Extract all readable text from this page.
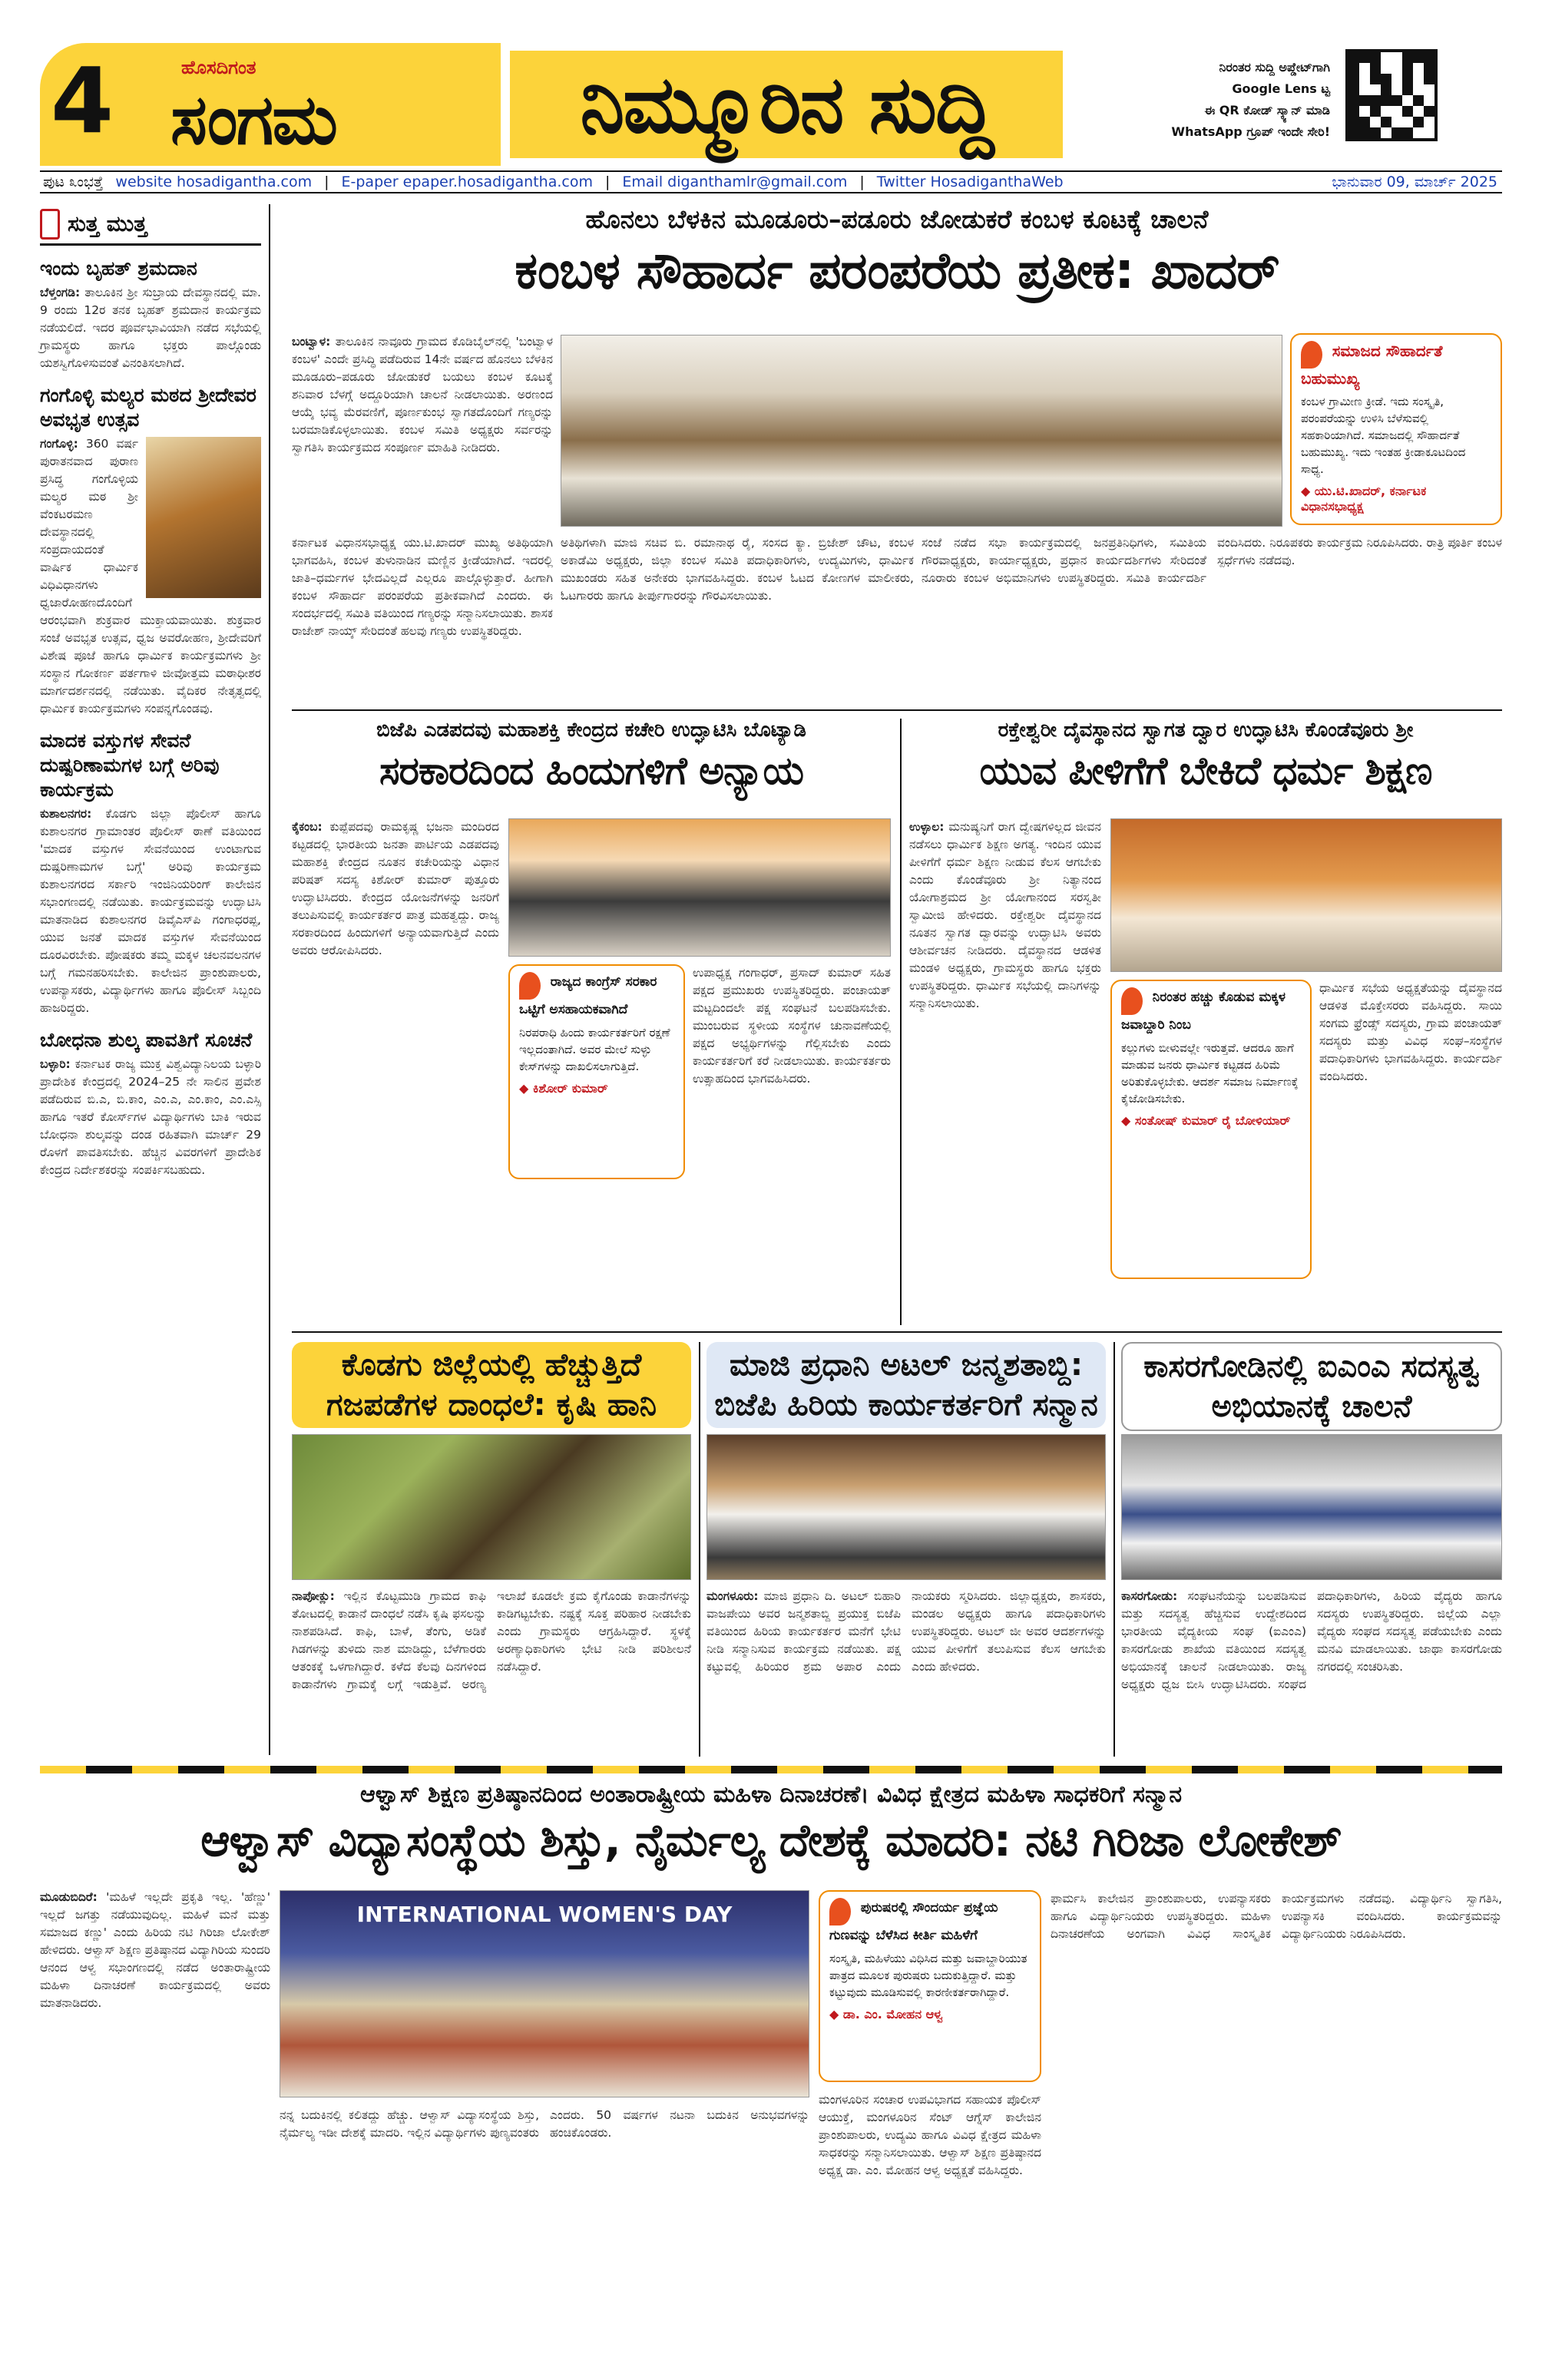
4	ಹೊಸದಿಗಂತ
ಸಂಗಮ	ನಿಮ್ಮೂರಿನ ಸುದ್ದಿ	ನಿರಂತರ ಸುದ್ದಿ ಅಪ್ಡೇಟ್‌ಗಾಗಿ
Google Lens ಟ್ಟ
ಈ QR ಕೋಡ್ ಸ್ಕ್ಯಾನ್ ಮಾಡಿ
WhatsApp ಗ್ರೂಪ್ ಇಂದೇ ಸೇರಿ!
ಪುಟ ೩ಂಭತ್ತೆ website hosadigantha.com | E-paper epaper.hosadigantha.com | Email diganthamlr@gmail.com | Twitter HosadiganthaWeb	ಭಾನುವಾರ 09, ಮಾರ್ಚ್ 2025
ಸುತ್ತ ಮುತ್ತ
ಇಂದು ಬೃಹತ್ ಶ್ರಮದಾನ

ಬೆಳ್ತಂಗಡಿ: ತಾಲೂಕಿನ ಶ್ರೀ ಸುಬ್ರಾಯ ದೇವಸ್ಥಾನದಲ್ಲಿ ಮಾ. 9 ರಂದು 12ರ ತನಕ ಬೃಹತ್ ಶ್ರಮದಾನ ಕಾರ್ಯಕ್ರಮ ನಡೆಯಲಿದೆ. ಇದರ ಪೂರ್ವಭಾವಿಯಾಗಿ ನಡೆದ ಸಭೆಯಲ್ಲಿ ಗ್ರಾಮಸ್ಥರು ಹಾಗೂ ಭಕ್ತರು ಪಾಲ್ಗೊಂಡು ಯಶಸ್ವಿಗೊಳಿಸುವಂತೆ ವಿನಂತಿಸಲಾಗಿದೆ.

ಗಂಗೊಳ್ಳಿ ಮಲ್ಯರ ಮಠದ ಶ್ರೀದೇವರ ಅವಭೃತ ಉತ್ಸವ

ಗಂಗೊಳ್ಳಿ: 360 ವರ್ಷ ಪುರಾತನವಾದ ಪುರಾಣ ಪ್ರಸಿದ್ಧ ಗಂಗೊಳ್ಳಿಯ ಮಲ್ಯರ ಮಠ ಶ್ರೀ ವೆಂಕಟರಮಣ ದೇವಸ್ಥಾನದಲ್ಲಿ ಸಂಪ್ರದಾಯದಂತೆ ವಾರ್ಷಿಕ ಧಾರ್ಮಿಕ ವಿಧಿವಿಧಾನಗಳು ಧ್ವಜಾರೋಹಣದೊಂದಿಗೆ ಆರಂಭವಾಗಿ ಶುಕ್ರವಾರ ಮುಕ್ತಾಯವಾಯಿತು. ಶುಕ್ರವಾರ ಸಂಜೆ ಅವಭೃತ ಉತ್ಸವ, ಧ್ವಜ ಅವರೋಹಣ, ಶ್ರೀದೇವರಿಗೆ ವಿಶೇಷ ಪೂಜೆ ಹಾಗೂ ಧಾರ್ಮಿಕ ಕಾರ್ಯಕ್ರಮಗಳು ಶ್ರೀ ಸಂಸ್ಥಾನ ಗೋಕರ್ಣ ಪರ್ತಗಾಳಿ ಜೀವೋತ್ತಮ ಮಠಾಧೀಶರ ಮಾರ್ಗದರ್ಶನದಲ್ಲಿ ನಡೆಯಿತು. ವೈದಿಕರ ನೇತೃತ್ವದಲ್ಲಿ ಧಾರ್ಮಿಕ ಕಾರ್ಯಕ್ರಮಗಳು ಸಂಪನ್ನಗೊಂಡವು.

ಮಾದಕ ವಸ್ತುಗಳ ಸೇವನೆ ದುಷ್ಪರಿಣಾಮಗಳ ಬಗ್ಗೆ ಅರಿವು ಕಾರ್ಯಕ್ರಮ

ಕುಶಾಲನಗರ: ಕೊಡಗು ಜಿಲ್ಲಾ ಪೊಲೀಸ್ ಹಾಗೂ ಕುಶಾಲನಗರ ಗ್ರಾಮಾಂತರ ಪೊಲೀಸ್ ಠಾಣೆ ವತಿಯಿಂದ 'ಮಾದಕ ವಸ್ತುಗಳ ಸೇವನೆಯಿಂದ ಉಂಟಾಗುವ ದುಷ್ಪರಿಣಾಮಗಳ ಬಗ್ಗೆ' ಅರಿವು ಕಾರ್ಯಕ್ರಮ ಕುಶಾಲನಗರದ ಸರ್ಕಾರಿ ಇಂಜಿನಿಯರಿಂಗ್ ಕಾಲೇಜಿನ ಸಭಾಂಗಣದಲ್ಲಿ ನಡೆಯಿತು. ಕಾರ್ಯಕ್ರಮವನ್ನು ಉದ್ಘಾಟಿಸಿ ಮಾತನಾಡಿದ ಕುಶಾಲನಗರ ಡಿವೈಎಸ್‌ಪಿ ಗಂಗಾಧರಪ್ಪ, ಯುವ ಜನತೆ ಮಾದಕ ವಸ್ತುಗಳ ಸೇವನೆಯಿಂದ ದೂರವಿರಬೇಕು. ಪೋಷಕರು ತಮ್ಮ ಮಕ್ಕಳ ಚಲನವಲನಗಳ ಬಗ್ಗೆ ಗಮನಹರಿಸಬೇಕು. ಕಾಲೇಜಿನ ಪ್ರಾಂಶುಪಾಲರು, ಉಪನ್ಯಾಸಕರು, ವಿದ್ಯಾರ್ಥಿಗಳು ಹಾಗೂ ಪೊಲೀಸ್ ಸಿಬ್ಬಂದಿ ಹಾಜರಿದ್ದರು.

ಬೋಧನಾ ಶುಲ್ಕ ಪಾವತಿಗೆ ಸೂಚನೆ

ಬಳ್ಳಾರಿ: ಕರ್ನಾಟಕ ರಾಜ್ಯ ಮುಕ್ತ ವಿಶ್ವವಿದ್ಯಾನಿಲಯ ಬಳ್ಳಾರಿ ಪ್ರಾದೇಶಿಕ ಕೇಂದ್ರದಲ್ಲಿ 2024–25 ನೇ ಸಾಲಿನ ಪ್ರವೇಶ ಪಡೆದಿರುವ ಬಿ.ಎ, ಬಿ.ಕಾಂ, ಎಂ.ಎ, ಎಂ.ಕಾಂ, ಎಂ.ಎಸ್ಸಿ ಹಾಗೂ ಇತರೆ ಕೋರ್ಸ್‌ಗಳ ವಿದ್ಯಾರ್ಥಿಗಳು ಬಾಕಿ ಇರುವ ಬೋಧನಾ ಶುಲ್ಕವನ್ನು ದಂಡ ರಹಿತವಾಗಿ ಮಾರ್ಚ್ 29 ರೊಳಗೆ ಪಾವತಿಸಬೇಕು. ಹೆಚ್ಚಿನ ವಿವರಗಳಿಗೆ ಪ್ರಾದೇಶಿಕ ಕೇಂದ್ರದ ನಿರ್ದೇಶಕರನ್ನು ಸಂಪರ್ಕಿಸಬಹುದು.

ಹೊನಲು ಬೆಳಕಿನ ಮೂಡೂರು–ಪಡೂರು ಜೋಡುಕರೆ ಕಂಬಳ ಕೂಟಕ್ಕೆ ಚಾಲನೆ
ಕಂಬಳ ಸೌಹಾರ್ದ ಪರಂಪರೆಯ ಪ್ರತೀಕ: ಖಾದರ್
ಬಂಟ್ವಾಳ: ತಾಲೂಕಿನ ನಾವೂರು ಗ್ರಾಮದ ಕೊಡಿಬೈಲ್‌ನಲ್ಲಿ 'ಬಂಟ್ವಾಳ ಕಂಬಳ' ಎಂದೇ ಪ್ರಸಿದ್ಧಿ ಪಡೆದಿರುವ 14ನೇ ವರ್ಷದ ಹೊನಲು ಬೆಳಕಿನ ಮೂಡೂರು–ಪಡೂರು ಜೋಡುಕರೆ ಬಯಲು ಕಂಬಳ ಕೂಟಕ್ಕೆ ಶನಿವಾರ ಬೆಳಗ್ಗೆ ಅದ್ದೂರಿಯಾಗಿ ಚಾಲನೆ ನೀಡಲಾಯಿತು. ಅರಣಂದ ಆಯ್ಕೆ ಭವ್ಯ ಮೆರವಣಿಗೆ, ಪೂರ್ಣಕುಂಭ ಸ್ವಾಗತದೊಂದಿಗೆ ಗಣ್ಯರನ್ನು ಬರಮಾಡಿಕೊಳ್ಳಲಾಯಿತು. ಕಂಬಳ ಸಮಿತಿ ಅಧ್ಯಕ್ಷರು ಸರ್ವರನ್ನು ಸ್ವಾಗತಿಸಿ ಕಾರ್ಯಕ್ರಮದ ಸಂಪೂರ್ಣ ಮಾಹಿತಿ ನೀಡಿದರು.
ಸಮಾಜದ ಸೌಹಾರ್ದತೆ ಬಹುಮುಖ್ಯ
ಕಂಬಳ ಗ್ರಾಮೀಣ ಕ್ರೀಡೆ. ಇದು ಸಂಸ್ಕೃತಿ, ಪರಂಪರೆಯನ್ನು ಉಳಿಸಿ ಬೆಳೆಸುವಲ್ಲಿ ಸಹಕಾರಿಯಾಗಿದೆ. ಸಮಾಜದಲ್ಲಿ ಸೌಹಾರ್ದತೆ ಬಹುಮುಖ್ಯ. ಇದು ಇಂತಹ ಕ್ರೀಡಾಕೂಟದಿಂದ ಸಾಧ್ಯ.
◆ ಯು.ಟಿ.ಖಾದರ್, ಕರ್ನಾಟಕ ವಿಧಾನಸಭಾಧ್ಯಕ್ಷ
ಕರ್ನಾಟಕ ವಿಧಾನಸಭಾಧ್ಯಕ್ಷ ಯು.ಟಿ.ಖಾದರ್ ಮುಖ್ಯ ಅತಿಥಿಯಾಗಿ ಭಾಗವಹಿಸಿ, ಕಂಬಳ ತುಳುನಾಡಿನ ಮಣ್ಣಿನ ಕ್ರೀಡೆಯಾಗಿದೆ. ಇದರಲ್ಲಿ ಜಾತಿ–ಧರ್ಮಗಳ ಭೇದವಿಲ್ಲದೆ ಎಲ್ಲರೂ ಪಾಲ್ಗೊಳ್ಳುತ್ತಾರೆ. ಹೀಗಾಗಿ ಕಂಬಳ ಸೌಹಾರ್ದ ಪರಂಪರೆಯ ಪ್ರತೀಕವಾಗಿದೆ ಎಂದರು. ಈ ಸಂದರ್ಭದಲ್ಲಿ ಸಮಿತಿ ವತಿಯಿಂದ ಗಣ್ಯರನ್ನು ಸನ್ಮಾನಿಸಲಾಯಿತು. ಶಾಸಕ ರಾಜೇಶ್ ನಾಯ್ಕ್ ಸೇರಿದಂತೆ ಹಲವು ಗಣ್ಯರು ಉಪಸ್ಥಿತರಿದ್ದರು.
ಅತಿಥಿಗಳಾಗಿ ಮಾಜಿ ಸಚಿವ ಬಿ. ರಮಾನಾಥ ರೈ, ಸಂಸದ ಕ್ಯಾ. ಬ್ರಿಜೇಶ್ ಚೌಟ, ಕಂಬಳ ಅಕಾಡೆಮಿ ಅಧ್ಯಕ್ಷರು, ಜಿಲ್ಲಾ ಕಂಬಳ ಸಮಿತಿ ಪದಾಧಿಕಾರಿಗಳು, ಉದ್ಯಮಿಗಳು, ಧಾರ್ಮಿಕ ಮುಖಂಡರು ಸಹಿತ ಅನೇಕರು ಭಾಗವಹಿಸಿದ್ದರು. ಕಂಬಳ ಓಟದ ಕೋಣಗಳ ಮಾಲೀಕರು, ಓಟಗಾರರು ಹಾಗೂ ತೀರ್ಪುಗಾರರನ್ನು ಗೌರವಿಸಲಾಯಿತು.
ಸಂಜೆ ನಡೆದ ಸಭಾ ಕಾರ್ಯಕ್ರಮದಲ್ಲಿ ಜನಪ್ರತಿನಿಧಿಗಳು, ಸಮಿತಿಯ ಗೌರವಾಧ್ಯಕ್ಷರು, ಕಾರ್ಯಾಧ್ಯಕ್ಷರು, ಪ್ರಧಾನ ಕಾರ್ಯದರ್ಶಿಗಳು ಸೇರಿದಂತೆ ನೂರಾರು ಕಂಬಳ ಅಭಿಮಾನಿಗಳು ಉಪಸ್ಥಿತರಿದ್ದರು. ಸಮಿತಿ ಕಾರ್ಯದರ್ಶಿ ವಂದಿಸಿದರು. ನಿರೂಪಕರು ಕಾರ್ಯಕ್ರಮ ನಿರೂಪಿಸಿದರು. ರಾತ್ರಿ ಪೂರ್ತಿ ಕಂಬಳ ಸ್ಪರ್ಧೆಗಳು ನಡೆದವು.
ಬಿಜೆಪಿ ಎಡಪದವು ಮಹಾಶಕ್ತಿ ಕೇಂದ್ರದ ಕಚೇರಿ ಉದ್ಘಾಟಿಸಿ ಬೊಟ್ಯಾಡಿ
ಸರಕಾರದಿಂದ ಹಿಂದುಗಳಿಗೆ ಅನ್ಯಾಯ
ಕೈಕಂಬ: ಕುಪ್ಪೆಪದವು ರಾಮಕೃಷ್ಣ ಭಜನಾ ಮಂದಿರದ ಕಟ್ಟಡದಲ್ಲಿ ಭಾರತೀಯ ಜನತಾ ಪಾರ್ಟಿಯ ಎಡಪದವು ಮಹಾಶಕ್ತಿ ಕೇಂದ್ರದ ನೂತನ ಕಚೇರಿಯನ್ನು ವಿಧಾನ ಪರಿಷತ್ ಸದಸ್ಯ ಕಿಶೋರ್ ಕುಮಾರ್ ಪುತ್ತೂರು ಉದ್ಘಾಟಿಸಿದರು. ಕೇಂದ್ರದ ಯೋಜನೆಗಳನ್ನು ಜನರಿಗೆ ತಲುಪಿಸುವಲ್ಲಿ ಕಾರ್ಯಕರ್ತರ ಪಾತ್ರ ಮಹತ್ವದ್ದು. ರಾಜ್ಯ ಸರಕಾರದಿಂದ ಹಿಂದುಗಳಿಗೆ ಅನ್ಯಾಯವಾಗುತ್ತಿದೆ ಎಂದು ಅವರು ಆರೋಪಿಸಿದರು.
ರಾಜ್ಯದ ಕಾಂಗ್ರೆಸ್ ಸರಕಾರ ಒಟ್ಟಿಗೆ ಅಸಹಾಯಕವಾಗಿದೆ
ನಿರಪರಾಧಿ ಹಿಂದು ಕಾರ್ಯಕರ್ತರಿಗೆ ರಕ್ಷಣೆ ಇಲ್ಲದಂತಾಗಿದೆ. ಅವರ ಮೇಲೆ ಸುಳ್ಳು ಕೇಸ್‌ಗಳನ್ನು ದಾಖಲಿಸಲಾಗುತ್ತಿದೆ.
◆ ಕಿಶೋರ್ ಕುಮಾರ್
ಉಪಾಧ್ಯಕ್ಷ ಗಂಗಾಧರ್, ಪ್ರಸಾದ್ ಕುಮಾರ್ ಸಹಿತ ಪಕ್ಷದ ಪ್ರಮುಖರು ಉಪಸ್ಥಿತರಿದ್ದರು. ಪಂಚಾಯತ್ ಮಟ್ಟದಿಂದಲೇ ಪಕ್ಷ ಸಂಘಟನೆ ಬಲಪಡಿಸಬೇಕು. ಮುಂಬರುವ ಸ್ಥಳೀಯ ಸಂಸ್ಥೆಗಳ ಚುನಾವಣೆಯಲ್ಲಿ ಪಕ್ಷದ ಅಭ್ಯರ್ಥಿಗಳನ್ನು ಗೆಲ್ಲಿಸಬೇಕು ಎಂದು ಕಾರ್ಯಕರ್ತರಿಗೆ ಕರೆ ನೀಡಲಾಯಿತು. ಕಾರ್ಯಕರ್ತರು ಉತ್ಸಾಹದಿಂದ ಭಾಗವಹಿಸಿದರು.
ರಕ್ತೇಶ್ವರೀ ದೈವಸ್ಥಾನದ ಸ್ವಾಗತ ದ್ವಾರ ಉದ್ಘಾಟಿಸಿ ಕೊಂಡೆವೂರು ಶ್ರೀ
ಯುವ ಪೀಳಿಗೆಗೆ ಬೇಕಿದೆ ಧರ್ಮ ಶಿಕ್ಷಣ
ಉಳ್ಳಾಲ: ಮನುಷ್ಯನಿಗೆ ರಾಗ ದ್ವೇಷಗಳಿಲ್ಲದ ಜೀವನ ನಡೆಸಲು ಧಾರ್ಮಿಕ ಶಿಕ್ಷಣ ಅಗತ್ಯ. ಇಂದಿನ ಯುವ ಪೀಳಿಗೆಗೆ ಧರ್ಮ ಶಿಕ್ಷಣ ನೀಡುವ ಕೆಲಸ ಆಗಬೇಕು ಎಂದು ಕೊಂಡೆವೂರು ಶ್ರೀ ನಿತ್ಯಾನಂದ ಯೋಗಾಶ್ರಮದ ಶ್ರೀ ಯೋಗಾನಂದ ಸರಸ್ವತೀ ಸ್ವಾಮೀಜಿ ಹೇಳಿದರು. ರಕ್ತೇಶ್ವರೀ ದೈವಸ್ಥಾನದ ನೂತನ ಸ್ವಾಗತ ದ್ವಾರವನ್ನು ಉದ್ಘಾಟಿಸಿ ಅವರು ಆಶೀರ್ವಚನ ನೀಡಿದರು. ದೈವಸ್ಥಾನದ ಆಡಳಿತ ಮಂಡಳಿ ಅಧ್ಯಕ್ಷರು, ಗ್ರಾಮಸ್ಥರು ಹಾಗೂ ಭಕ್ತರು ಉಪಸ್ಥಿತರಿದ್ದರು. ಧಾರ್ಮಿಕ ಸಭೆಯಲ್ಲಿ ದಾನಿಗಳನ್ನು ಸನ್ಮಾನಿಸಲಾಯಿತು.	ನಿರಂತರ ಹಚ್ಚು ಕೊಡುವ ಮಕ್ಕಳ ಜವಾಬ್ದಾರಿ ನಿಂಬ
ಕಲ್ಲುಗಳು ಬೀಳುವಲ್ಲೇ ಇರುತ್ತವೆ. ಆದರೂ ಹಾಗೆ ಮಾಡುವ ಜನರು ಧಾರ್ಮಿಕ ಕಟ್ಟಡದ ಹಿರಿಮೆ ಅರಿತುಕೊಳ್ಳಬೇಕು. ಆದರ್ಶ ಸಮಾಜ ನಿರ್ಮಾಣಕ್ಕೆ ಕೈಜೋಡಿಸಬೇಕು.
◆ ಸಂತೋಷ್ ಕುಮಾರ್ ರೈ ಬೋಳಿಯಾರ್
ಧಾರ್ಮಿಕ ಸಭೆಯ ಅಧ್ಯಕ್ಷತೆಯನ್ನು ದೈವಸ್ಥಾನದ ಆಡಳಿತ ಮೊಕ್ತೇಸರರು ವಹಿಸಿದ್ದರು. ಸಾಯಿ ಸಂಗಮ ಫ್ರೆಂಡ್ಸ್ ಸದಸ್ಯರು, ಗ್ರಾಮ ಪಂಚಾಯತ್ ಸದಸ್ಯರು ಮತ್ತು ವಿವಿಧ ಸಂಘ–ಸಂಸ್ಥೆಗಳ ಪದಾಧಿಕಾರಿಗಳು ಭಾಗವಹಿಸಿದ್ದರು. ಕಾರ್ಯದರ್ಶಿ ವಂದಿಸಿದರು.
ಕೊಡಗು ಜಿಲ್ಲೆಯಲ್ಲಿ ಹೆಚ್ಚುತ್ತಿದೆ ಗಜಪಡೆಗಳ ದಾಂಧಲೆ: ಕೃಷಿ ಹಾನಿ
ನಾಪೋಕ್ಲು: ಇಲ್ಲಿನ ಕೊಟ್ಟಮುಡಿ ಗ್ರಾಮದ ಕಾಫಿ ತೋಟದಲ್ಲಿ ಕಾಡಾನೆ ದಾಂಧಲೆ ನಡೆಸಿ ಕೃಷಿ ಫಸಲನ್ನು ನಾಶಪಡಿಸಿದೆ. ಕಾಫಿ, ಬಾಳೆ, ತೆಂಗು, ಅಡಿಕೆ ಗಿಡಗಳನ್ನು ತುಳಿದು ನಾಶ ಮಾಡಿದ್ದು, ಬೆಳೆಗಾರರು ಆತಂಕಕ್ಕೆ ಒಳಗಾಗಿದ್ದಾರೆ. ಕಳೆದ ಕೆಲವು ದಿನಗಳಿಂದ ಕಾಡಾನೆಗಳು ಗ್ರಾಮಕ್ಕೆ ಲಗ್ಗೆ ಇಡುತ್ತಿವೆ. ಅರಣ್ಯ ಇಲಾಖೆ ಕೂಡಲೇ ಕ್ರಮ ಕೈಗೊಂಡು ಕಾಡಾನೆಗಳನ್ನು ಕಾಡಿಗಟ್ಟಬೇಕು. ನಷ್ಟಕ್ಕೆ ಸೂಕ್ತ ಪರಿಹಾರ ನೀಡಬೇಕು ಎಂದು ಗ್ರಾಮಸ್ಥರು ಆಗ್ರಹಿಸಿದ್ದಾರೆ. ಸ್ಥಳಕ್ಕೆ ಅರಣ್ಯಾಧಿಕಾರಿಗಳು ಭೇಟಿ ನೀಡಿ ಪರಿಶೀಲನೆ ನಡೆಸಿದ್ದಾರೆ.
ಮಾಜಿ ಪ್ರಧಾನಿ ಅಟಲ್ ಜನ್ಮಶತಾಬ್ದಿ: ಬಿಜೆಪಿ ಹಿರಿಯ ಕಾರ್ಯಕರ್ತರಿಗೆ ಸನ್ಮಾನ
ಮಂಗಳೂರು: ಮಾಜಿ ಪ್ರಧಾನಿ ದಿ. ಅಟಲ್ ಬಿಹಾರಿ ವಾಜಪೇಯಿ ಅವರ ಜನ್ಮಶತಾಬ್ದಿ ಪ್ರಯುಕ್ತ ಬಿಜೆಪಿ ವತಿಯಿಂದ ಹಿರಿಯ ಕಾರ್ಯಕರ್ತರ ಮನೆಗೆ ಭೇಟಿ ನೀಡಿ ಸನ್ಮಾನಿಸುವ ಕಾರ್ಯಕ್ರಮ ನಡೆಯಿತು. ಪಕ್ಷ ಕಟ್ಟುವಲ್ಲಿ ಹಿರಿಯರ ಶ್ರಮ ಅಪಾರ ಎಂದು ನಾಯಕರು ಸ್ಮರಿಸಿದರು. ಜಿಲ್ಲಾಧ್ಯಕ್ಷರು, ಶಾಸಕರು, ಮಂಡಲ ಅಧ್ಯಕ್ಷರು ಹಾಗೂ ಪದಾಧಿಕಾರಿಗಳು ಉಪಸ್ಥಿತರಿದ್ದರು. ಅಟಲ್ ಜೀ ಅವರ ಆದರ್ಶಗಳನ್ನು ಯುವ ಪೀಳಿಗೆಗೆ ತಲುಪಿಸುವ ಕೆಲಸ ಆಗಬೇಕು ಎಂದು ಹೇಳಿದರು.
ಕಾಸರಗೋಡಿನಲ್ಲಿ ಐಎಂಎ ಸದಸ್ಯತ್ವ ಅಭಿಯಾನಕ್ಕೆ ಚಾಲನೆ
ಕಾಸರಗೋಡು: ಸಂಘಟನೆಯನ್ನು ಬಲಪಡಿಸುವ ಮತ್ತು ಸದಸ್ಯತ್ವ ಹೆಚ್ಚಿಸುವ ಉದ್ದೇಶದಿಂದ ಭಾರತೀಯ ವೈದ್ಯಕೀಯ ಸಂಘ (ಐಎಂಎ) ಕಾಸರಗೋಡು ಶಾಖೆಯ ವತಿಯಿಂದ ಸದಸ್ಯತ್ವ ಅಭಿಯಾನಕ್ಕೆ ಚಾಲನೆ ನೀಡಲಾಯಿತು. ರಾಜ್ಯ ಅಧ್ಯಕ್ಷರು ಧ್ವಜ ಬೀಸಿ ಉದ್ಘಾಟಿಸಿದರು. ಸಂಘದ ಪದಾಧಿಕಾರಿಗಳು, ಹಿರಿಯ ವೈದ್ಯರು ಹಾಗೂ ಸದಸ್ಯರು ಉಪಸ್ಥಿತರಿದ್ದರು. ಜಿಲ್ಲೆಯ ಎಲ್ಲಾ ವೈದ್ಯರು ಸಂಘದ ಸದಸ್ಯತ್ವ ಪಡೆಯಬೇಕು ಎಂದು ಮನವಿ ಮಾಡಲಾಯಿತು. ಜಾಥಾ ಕಾಸರಗೋಡು ನಗರದಲ್ಲಿ ಸಂಚರಿಸಿತು.
ಆಳ್ವಾಸ್ ಶಿಕ್ಷಣ ಪ್ರತಿಷ್ಠಾನದಿಂದ ಅಂತಾರಾಷ್ಟ್ರೀಯ ಮಹಿಳಾ ದಿನಾಚರಣೆ। ವಿವಿಧ ಕ್ಷೇತ್ರದ ಮಹಿಳಾ ಸಾಧಕರಿಗೆ ಸನ್ಮಾನ
ಆಳ್ವಾಸ್ ವಿದ್ಯಾಸಂಸ್ಥೆಯ ಶಿಸ್ತು, ನೈರ್ಮಲ್ಯ ದೇಶಕ್ಕೆ ಮಾದರಿ: ನಟಿ ಗಿರಿಜಾ ಲೋಕೇಶ್
ಮೂಡುಬಿದಿರೆ: 'ಮಹಿಳೆ ಇಲ್ಲದೇ ಪ್ರಕೃತಿ ಇಲ್ಲ. 'ಹೆಣ್ಣು' ಇಲ್ಲದೆ ಜಗತ್ತು ನಡೆಯುವುದಿಲ್ಲ. ಮಹಿಳೆ ಮನೆ ಮತ್ತು ಸಮಾಜದ ಕಣ್ಣು' ಎಂದು ಹಿರಿಯ ನಟಿ ಗಿರಿಜಾ ಲೋಕೇಶ್ ಹೇಳಿದರು. ಆಳ್ವಾಸ್ ಶಿಕ್ಷಣ ಪ್ರತಿಷ್ಠಾನದ ವಿದ್ಯಾಗಿರಿಯ ಸುಂದರಿ ಆನಂದ ಆಳ್ವ ಸಭಾಂಗಣದಲ್ಲಿ ನಡೆದ ಅಂತಾರಾಷ್ಟ್ರೀಯ ಮಹಿಳಾ ದಿನಾಚರಣೆ ಕಾರ್ಯಕ್ರಮದಲ್ಲಿ ಅವರು ಮಾತನಾಡಿದರು.
INTERNATIONAL WOMEN'S DAY
ನನ್ನ ಬದುಕಿನಲ್ಲಿ ಕಲಿತದ್ದು ಹೆಚ್ಚು. ಆಳ್ವಾಸ್ ವಿದ್ಯಾಸಂಸ್ಥೆಯ ಶಿಸ್ತು, ನೈರ್ಮಲ್ಯ ಇಡೀ ದೇಶಕ್ಕೆ ಮಾದರಿ. ಇಲ್ಲಿನ ವಿದ್ಯಾರ್ಥಿಗಳು ಪುಣ್ಯವಂತರು ಎಂದರು. 50 ವರ್ಷಗಳ ನಟನಾ ಬದುಕಿನ ಅನುಭವಗಳನ್ನು ಹಂಚಿಕೊಂಡರು.
ಪುರುಷರಲ್ಲಿ ಸೌಂದರ್ಯ ಪ್ರಜ್ಞೆಯ ಗುಣವನ್ನು ಬೆಳೆಸಿದ ಕೀರ್ತಿ ಮಹಿಳೆಗೆ
ಸಂಸ್ಕೃತಿ, ಮಹಿಳೆಯು ವಿಧಿಸಿದ ಮತ್ತು ಜವಾಬ್ದಾರಿಯುತ ಪಾತ್ರದ ಮೂಲಕ ಪುರುಷರು ಬದುಕುತ್ತಿದ್ದಾರೆ. ಮತ್ತು ಕಟ್ಟುವುದು ಮೂಡಿಸುವಲ್ಲಿ ಕಾರಣೀಕರ್ತರಾಗಿದ್ದಾರೆ.
◆ ಡಾ. ಎಂ. ಮೋಹನ ಆಳ್ವ
ಮಂಗಳೂರಿನ ಸಂಚಾರ ಉಪವಿಭಾಗದ ಸಹಾಯಕ ಪೊಲೀಸ್ ಆಯುಕ್ತೆ, ಮಂಗಳೂರಿನ ಸೆಂಟ್ ಆಗ್ನೆಸ್ ಕಾಲೇಜಿನ ಪ್ರಾಂಶುಪಾಲರು, ಉದ್ಯಮಿ ಹಾಗೂ ವಿವಿಧ ಕ್ಷೇತ್ರದ ಮಹಿಳಾ ಸಾಧಕರನ್ನು ಸನ್ಮಾನಿಸಲಾಯಿತು. ಆಳ್ವಾಸ್ ಶಿಕ್ಷಣ ಪ್ರತಿಷ್ಠಾನದ ಅಧ್ಯಕ್ಷ ಡಾ. ಎಂ. ಮೋಹನ ಆಳ್ವ ಅಧ್ಯಕ್ಷತೆ ವಹಿಸಿದ್ದರು.
ಫಾರ್ಮಸಿ ಕಾಲೇಜಿನ ಪ್ರಾಂಶುಪಾಲರು, ಉಪನ್ಯಾಸಕರು ಹಾಗೂ ವಿದ್ಯಾರ್ಥಿನಿಯರು ಉಪಸ್ಥಿತರಿದ್ದರು. ಮಹಿಳಾ ದಿನಾಚರಣೆಯ ಅಂಗವಾಗಿ ವಿವಿಧ ಸಾಂಸ್ಕೃತಿಕ ಕಾರ್ಯಕ್ರಮಗಳು ನಡೆದವು. ವಿದ್ಯಾರ್ಥಿನಿ ಸ್ವಾಗತಿಸಿ, ಉಪನ್ಯಾಸಕಿ ವಂದಿಸಿದರು. ಕಾರ್ಯಕ್ರಮವನ್ನು ವಿದ್ಯಾರ್ಥಿನಿಯರು ನಿರೂಪಿಸಿದರು.
